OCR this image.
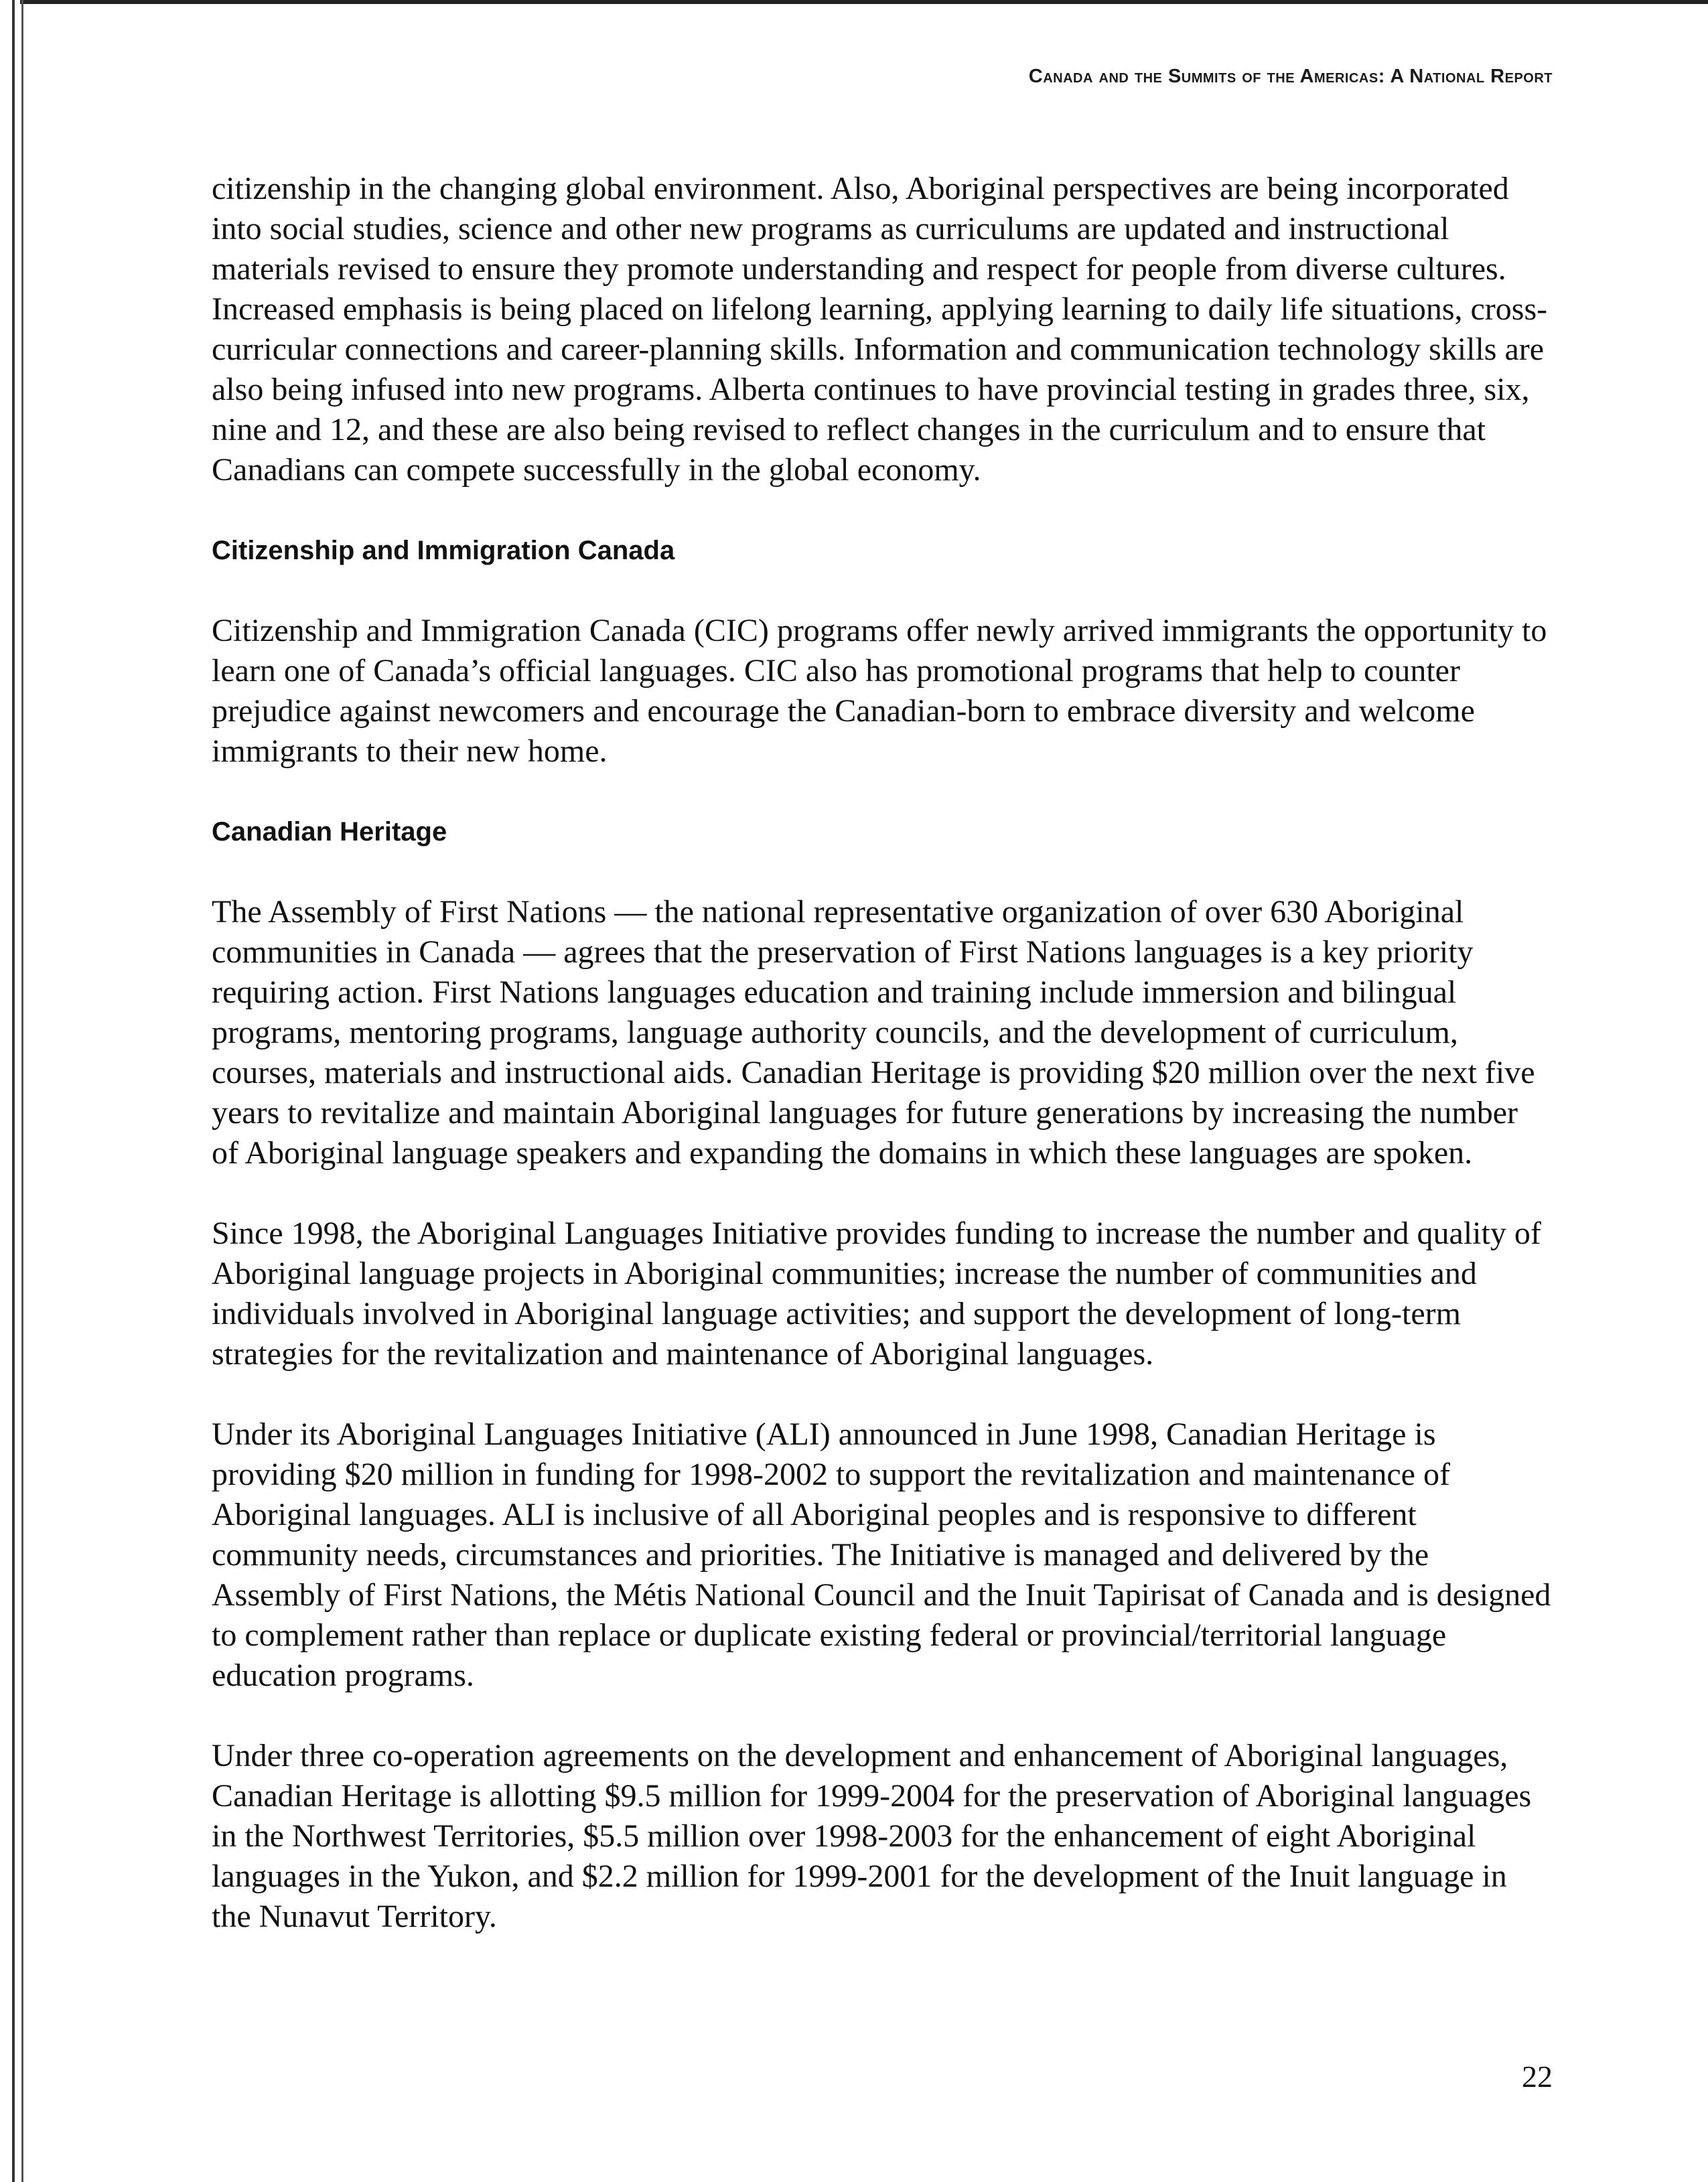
Canada and the Summits of the Americas: A National Report

citizenship in the changing global environment. Also, Aboriginal perspectives are being incorporated into social studies, science and other new programs as curriculums are updated and instructional materials revised to ensure they promote understanding and respect for people from diverse cultures. Increased emphasis is being placed on lifelong learning, applying learning to daily life situations, cross-curricular connections and career-planning skills. Information and communication technology skills are also being infused into new programs. Alberta continues to have provincial testing in grades three, six, nine and 12, and these are also being revised to reflect changes in the curriculum and to ensure that Canadians can compete successfully in the global economy.

Citizenship and Immigration Canada

Citizenship and Immigration Canada (CIC) programs offer newly arrived immigrants the opportunity to learn one of Canada’s official languages. CIC also has promotional programs that help to counter prejudice against newcomers and encourage the Canadian-born to embrace diversity and welcome immigrants to their new home.

Canadian Heritage

The Assembly of First Nations — the national representative organization of over 630 Aboriginal communities in Canada — agrees that the preservation of First Nations languages is a key priority requiring action. First Nations languages education and training include immersion and bilingual programs, mentoring programs, language authority councils, and the development of curriculum, courses, materials and instructional aids. Canadian Heritage is providing $20 million over the next five years to revitalize and maintain Aboriginal languages for future generations by increasing the number of Aboriginal language speakers and expanding the domains in which these languages are spoken.

Since 1998, the Aboriginal Languages Initiative provides funding to increase the number and quality of Aboriginal language projects in Aboriginal communities; increase the number of communities and individuals involved in Aboriginal language activities; and support the development of long-term strategies for the revitalization and maintenance of Aboriginal languages.

Under its Aboriginal Languages Initiative (ALI) announced in June 1998, Canadian Heritage is providing $20 million in funding for 1998-2002 to support the revitalization and maintenance of Aboriginal languages. ALI is inclusive of all Aboriginal peoples and is responsive to different community needs, circumstances and priorities. The Initiative is managed and delivered by the Assembly of First Nations, the Métis National Council and the Inuit Tapirisat of Canada and is designed to complement rather than replace or duplicate existing federal or provincial/territorial language education programs.

Under three co-operation agreements on the development and enhancement of Aboriginal languages, Canadian Heritage is allotting $9.5 million for 1999-2004 for the preservation of Aboriginal languages in the Northwest Territories, $5.5 million over 1998-2003 for the enhancement of eight Aboriginal languages in the Yukon, and $2.2 million for 1999-2001 for the development of the Inuit language in the Nunavut Territory.

22
